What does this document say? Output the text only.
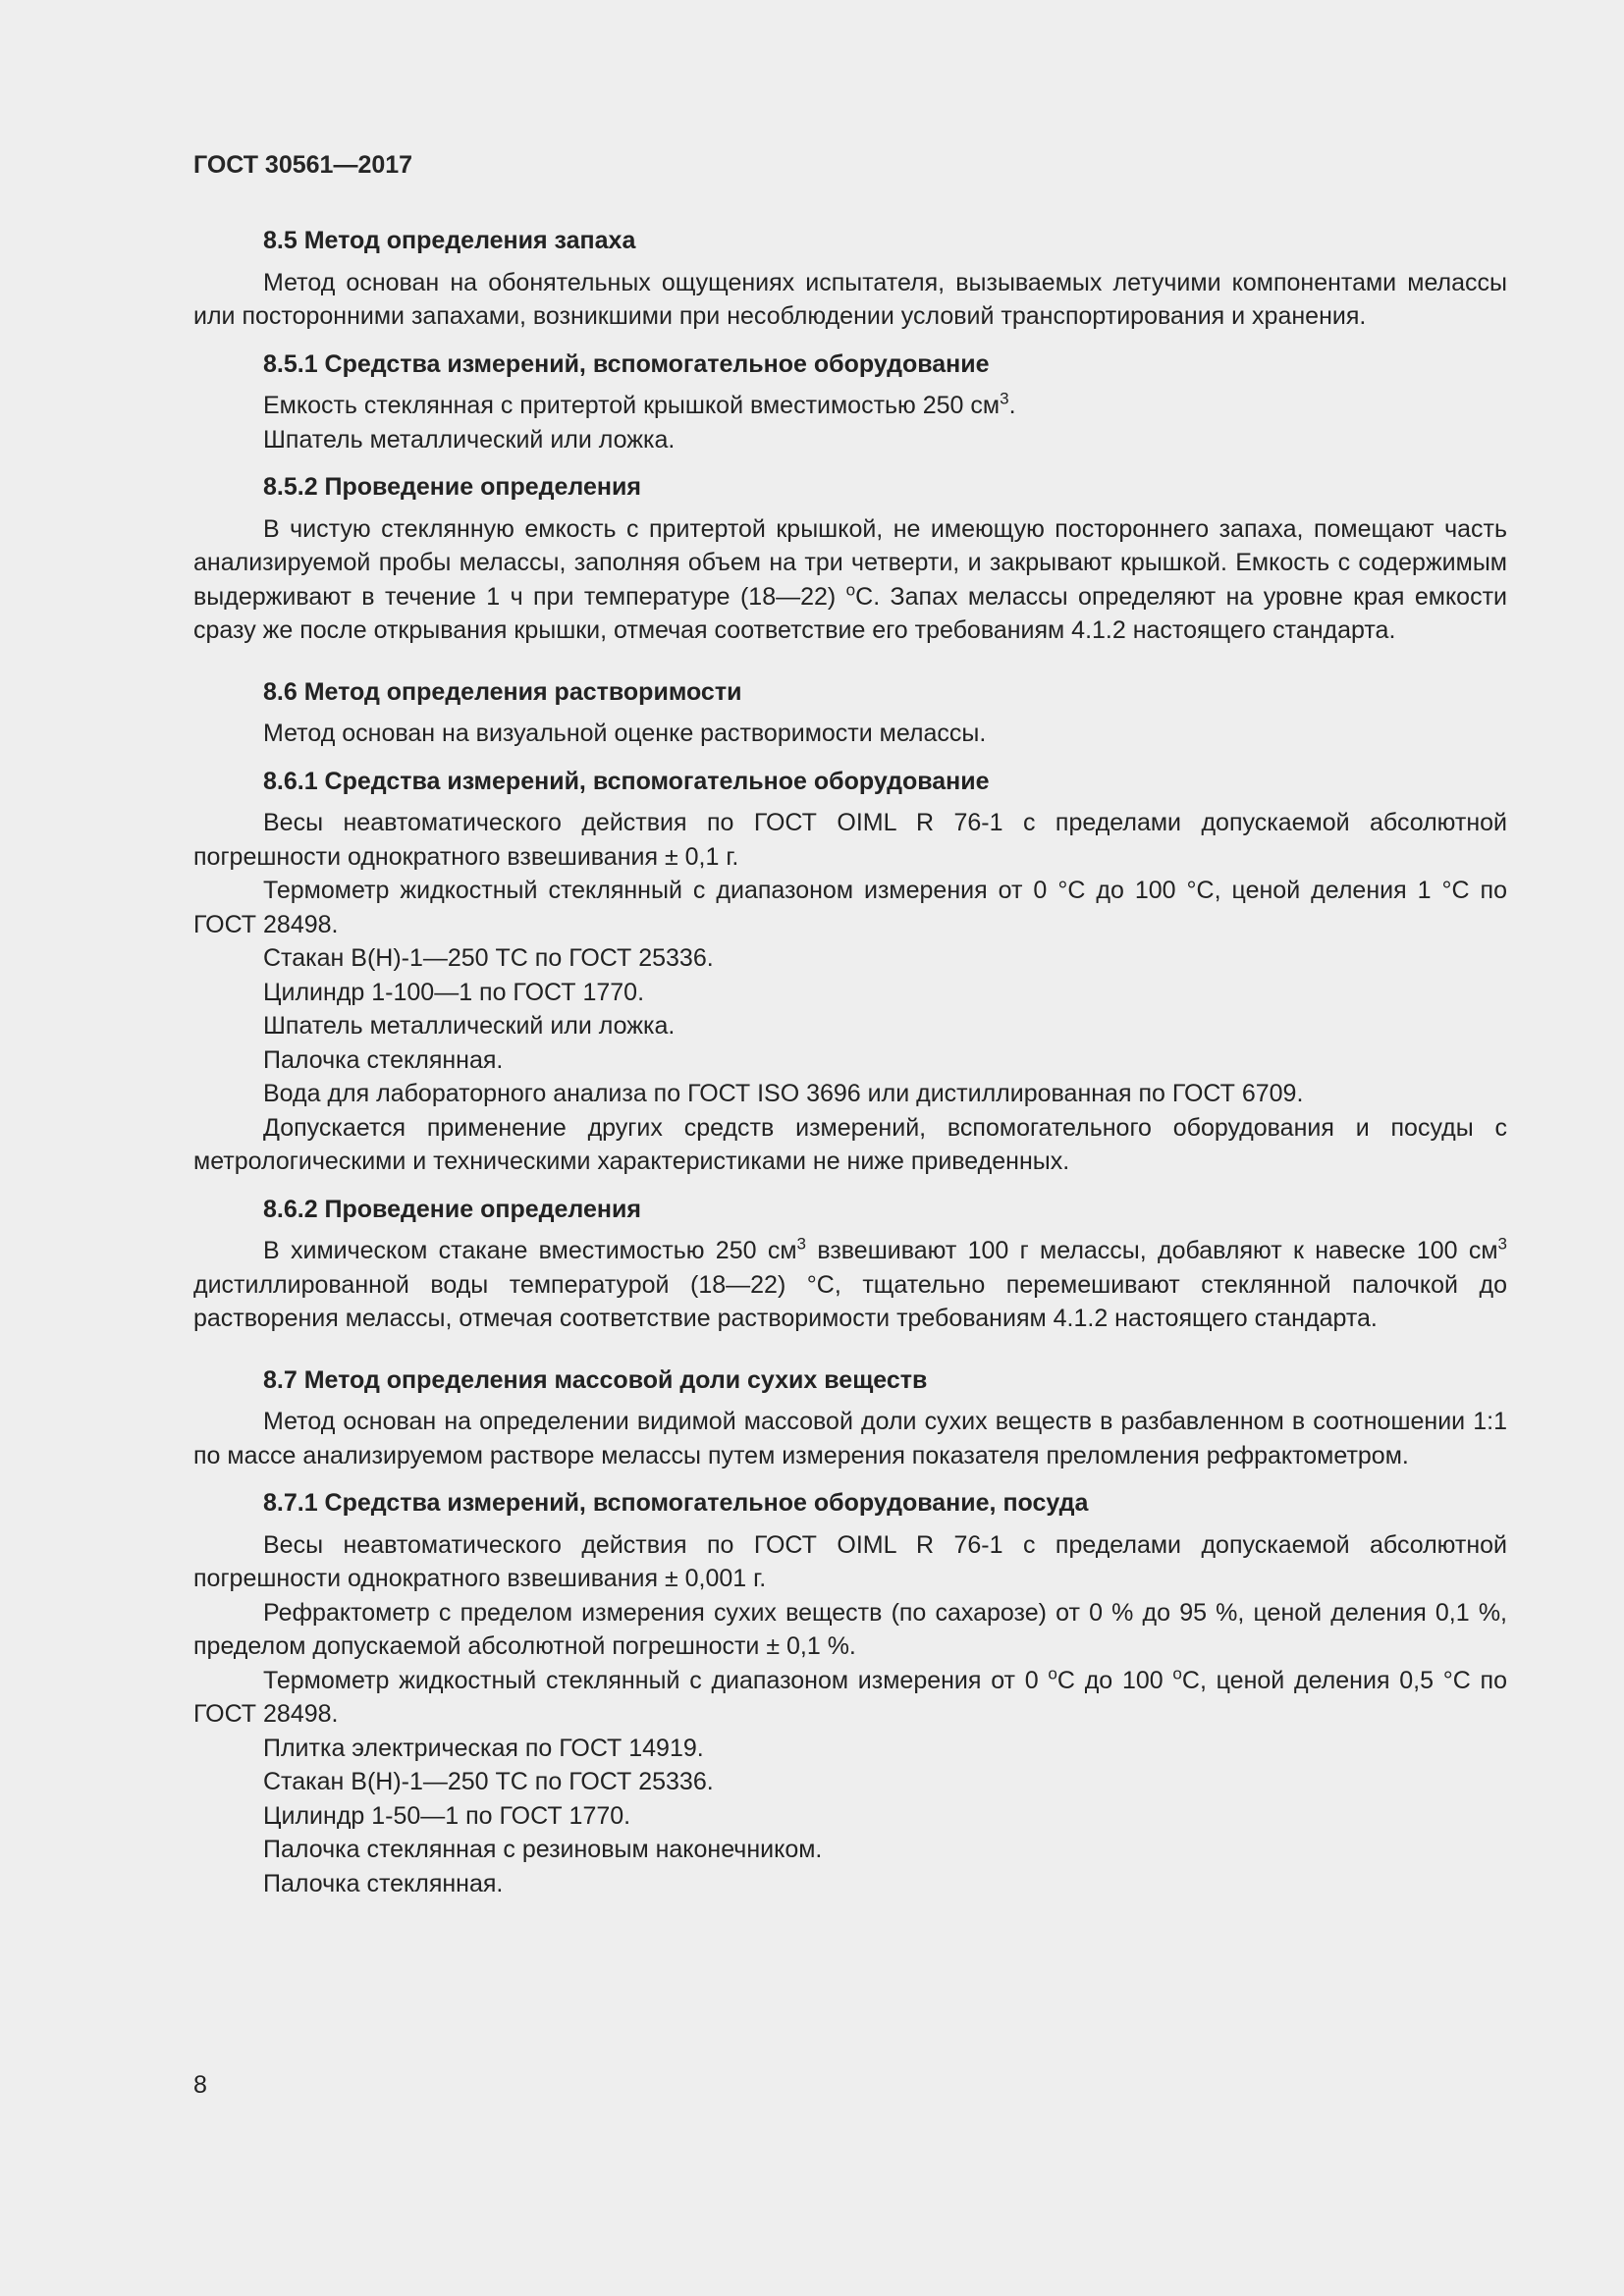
ГОСТ 30561—2017
8.5 Метод определения запаха

Метод основан на обонятельных ощущениях испытателя, вызываемых летучими компонентами мелассы или посторонними запахами, возникшими при несоблюдении условий транспортирования и хранения.

8.5.1 Средства измерений, вспомогательное оборудование

Емкость стеклянная с притертой крышкой вместимостью 250 $см^3$.

Шпатель металлический или ложка.

8.5.2 Проведение определения

В чистую стеклянную емкость с притертой крышкой, не имеющую постороннего запаха, помещают часть анализируемой пробы мелассы, заполняя объем на три четверти, и закрывают крышкой. Емкость с содержимым выдерживают в течение 1 ч при температуре (18—22) $^о$С. Запах мелассы определяют на уровне края емкости сразу же после открывания крышки, отмечая соответствие его требованиям 4.1.2 настоящего стандарта.

8.6 Метод определения растворимости

Метод основан на визуальной оценке растворимости мелассы.

8.6.1 Средства измерений, вспомогательное оборудование

Весы неавтоматического действия по ГОСТ OIML R 76-1 с пределами допускаемой абсолютной погрешности однократного взвешивания ± 0,1 г.

Термометр жидкостный стеклянный с диапазоном измерения от 0 °С до 100 °С, ценой деления 1 °С по ГОСТ 28498.

Стакан В(Н)-1—250 ТС по ГОСТ 25336.

Цилиндр 1-100—1 по ГОСТ 1770.

Шпатель металлический или ложка.

Палочка стеклянная.

Вода для лабораторного анализа по ГОСТ ISO 3696 или дистиллированная по ГОСТ 6709.

Допускается применение других средств измерений, вспомогательного оборудования и посуды с метрологическими и техническими характеристиками не ниже приведенных.

8.6.2 Проведение определения

В химическом стакане вместимостью 250 $см^3$ взвешивают 100 г мелассы, добавляют к навеске 100 $см^3$ дистиллированной воды температурой (18—22) °С, тщательно перемешивают стеклянной палочкой до растворения мелассы, отмечая соответствие растворимости требованиям 4.1.2 настоящего стандарта.

8.7 Метод определения массовой доли сухих веществ

Метод основан на определении видимой массовой доли сухих веществ в разбавленном в соотношении 1:1 по массе анализируемом растворе мелассы путем измерения показателя преломления рефрактометром.

8.7.1 Средства измерений, вспомогательное оборудование, посуда

Весы неавтоматического действия по ГОСТ OIML R 76-1 с пределами допускаемой абсолютной погрешности однократного взвешивания ± 0,001 г.

Рефрактометр с пределом измерения сухих веществ (по сахарозе) от 0 % до 95 %, ценой деления 0,1 %, пределом допускаемой абсолютной погрешности ± 0,1 %.

Термометр жидкостный стеклянный с диапазоном измерения от 0 $^о$С до 100 $^о$С, ценой деления 0,5 °С по ГОСТ 28498.

Плитка электрическая по ГОСТ 14919.

Стакан В(Н)-1—250 ТС по ГОСТ 25336.

Цилиндр 1-50—1 по ГОСТ 1770.

Палочка стеклянная с резиновым наконечником.

Палочка стеклянная.

8
